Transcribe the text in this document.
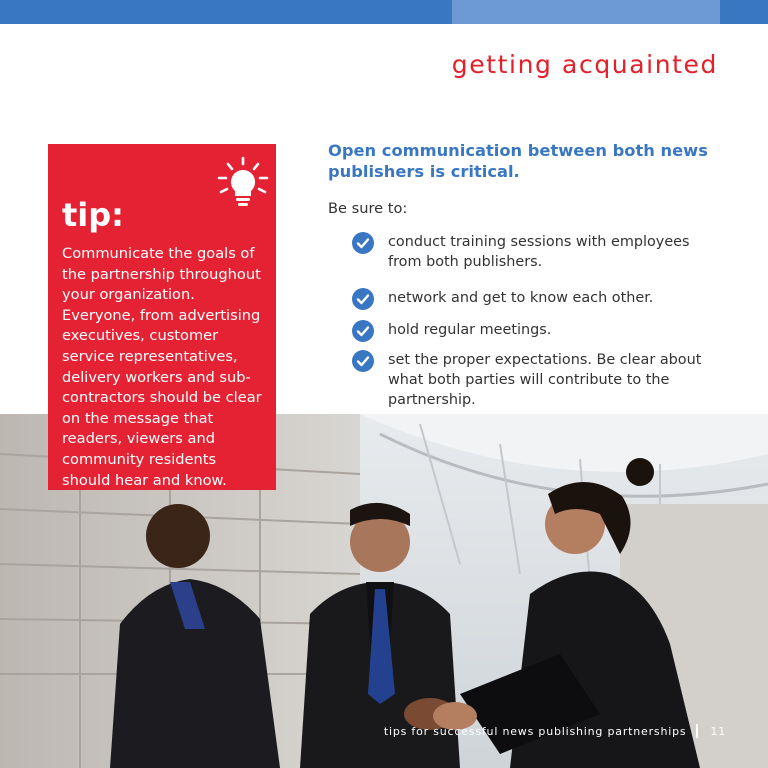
getting acquainted
tip:
Communicate the goals of the partnership throughout your organization. Everyone, from advertising executives, customer service representatives, delivery workers and sub-contractors should be clear on the message that readers, viewers and community residents should hear and know.
Open communication between both news publishers is critical.
Be sure to:
conduct training sessions with employees from both publishers.
network and get to know each other.
hold regular meetings.
set the proper expectations. Be clear about what both parties will contribute to the partnership.
tips for successful news publishing partnerships 11
